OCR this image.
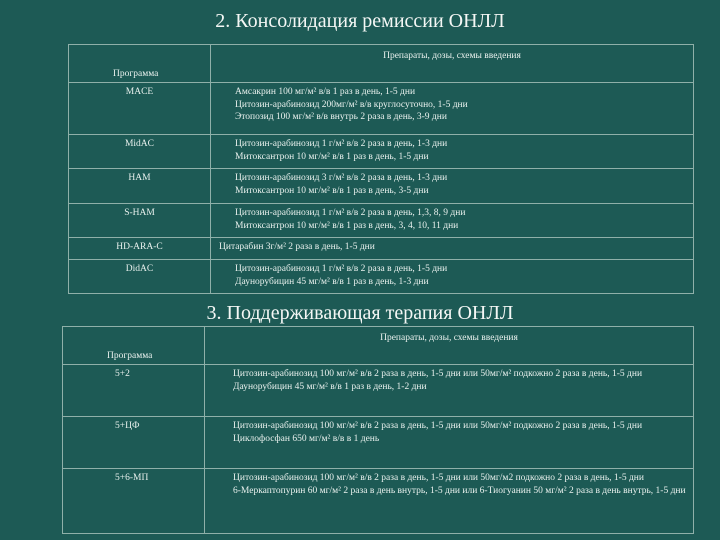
2. Консолидация ремиссии ОНЛЛ
Программа	Препараты, дозы, схемы введения
MACE	Амсакрин 100 мг/м² в/в 1 раз в день, 1-5 дни
Цитозин-арабинозид 200мг/м² в/в круглосуточно, 1-5 дни
Этопозид 100 мг/м² в/в внутрь 2 раза в день, 3-9 дни

MidAC	Цитозин-арабинозид 1 г/м² в/в 2 раза в день, 1-3 дни
Митоксантрон 10 мг/м² в/в 1 раз в день, 1-5 дни

HAM	Цитозин-арабинозид 3 г/м² в/в 2 раза в день, 1-3 дни
Митоксантрон 10 мг/м² в/в 1 раз в день, 3-5 дни

S-HAM	Цитозин-арабинозид 1 г/м² в/в 2 раза в день, 1,3, 8, 9 дни
Митоксантрон 10 мг/м² в/в 1 раз в день, 3, 4, 10, 11 дни

HD-ARA-C	Цитарабин 3г/м² 2 раза в день, 1-5 дни

DidAC	Цитозин-арабинозид 1 г/м² в/в 2 раза в день, 1-5 дни
Даунорубицин 45 мг/м² в/в 1 раз в день, 1-3 дни
3. Поддерживающая терапия ОНЛЛ
Программа	Препараты, дозы, схемы введения
5+2	Цитозин-арабинозид 100 мг/м² в/в 2 раза в день, 1-5 дни или 50мг/м² подкожно 2 раза в день, 1-5 дни
Даунорубицин 45 мг/м² в/в 1 раз в день, 1-2 дни

5+ЦФ	Цитозин-арабинозид 100 мг/м² в/в 2 раза в день, 1-5 дни или 50мг/м² подкожно 2 раза в день, 1-5 дни
Циклофосфан 650 мг/м² в/в в 1 день

5+6-МП	Цитозин-арабинозид 100 мг/м² в/в 2 раза в день, 1-5 дни или 50мг/м2 подкожно 2 раза в день, 1-5 дни
6-Меркаптопурин 60 мг/м² 2 раза в день внутрь, 1-5 дни или 6-Тиогуанин 50 мг/м² 2 раза в день внутрь, 1-5 дни
